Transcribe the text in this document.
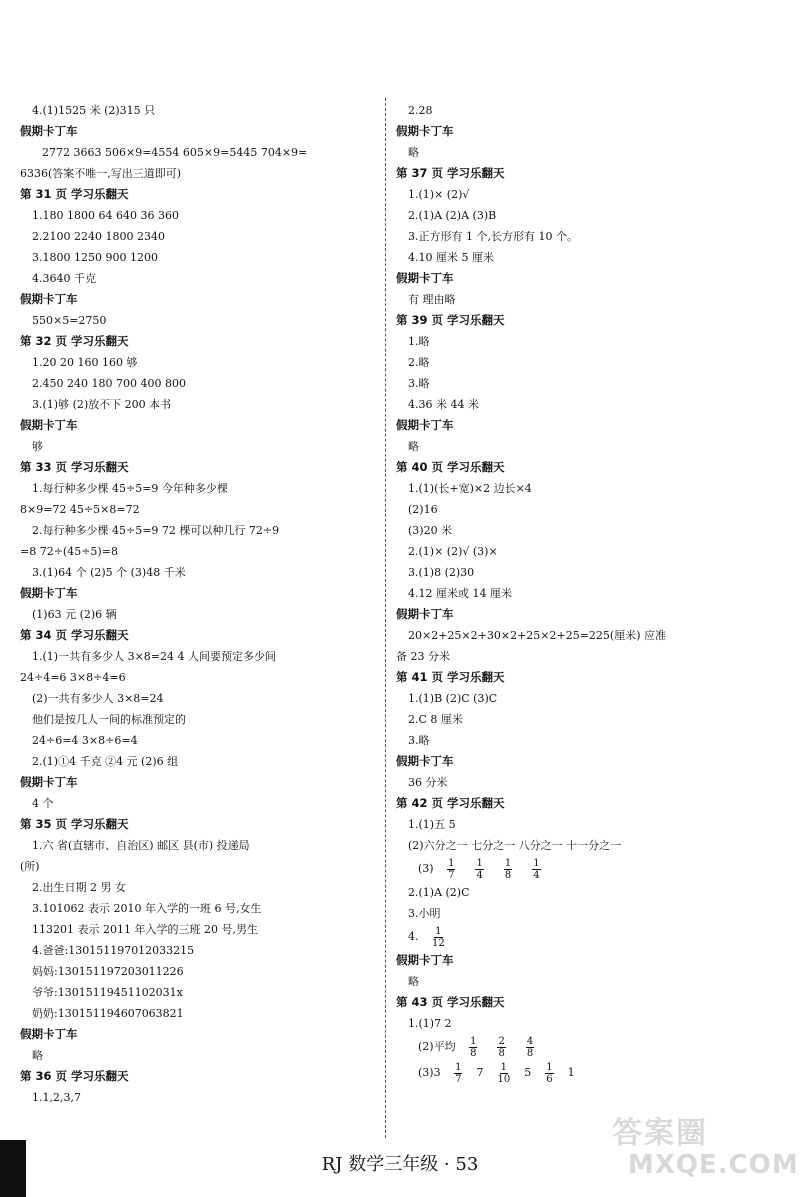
4.(1)1525 米 (2)315 只
假期卡丁车
2772 3663 506×9=4554 605×9=5445 704×9=
6336(答案不唯一,写出三道即可)
第 31 页 学习乐翻天
1.180 1800 64 640 36 360
2.2100 2240 1800 2340
3.1800 1250 900 1200
4.3640 千克
假期卡丁车
550×5=2750
第 32 页 学习乐翻天
1.20 20 160 160 够
2.450 240 180 700 400 800
3.(1)够 (2)放不下 200 本书
假期卡丁车
够
第 33 页 学习乐翻天
1.每行种多少棵 45÷5=9 今年种多少棵
8×9=72 45÷5×8=72
2.每行种多少棵 45÷5=9 72 棵可以种几行 72÷9
=8 72÷(45÷5)=8
3.(1)64 个 (2)5 个 (3)48 千米
假期卡丁车
(1)63 元 (2)6 辆
第 34 页 学习乐翻天
1.(1)一共有多少人 3×8=24 4 人间要预定多少间
24÷4=6 3×8÷4=6
(2)一共有多少人 3×8=24
他们是按几人一间的标准预定的
24÷6=4 3×8÷6=4
2.(1)①4 千克 ②4 元 (2)6 组
假期卡丁车
4 个
第 35 页 学习乐翻天
1.六 省(直辖市、自治区) 邮区 县(市) 投递局
(所)
2.出生日期 2 男 女
3.101062 表示 2010 年入学的一班 6 号,女生
113201 表示 2011 年入学的三班 20 号,男生
4.爸爸:130151197012033215
妈妈:130151197203011226
爷爷:13015119451102031x
奶奶:130151194607063821
假期卡丁车
略
第 36 页 学习乐翻天
1.1,2,3,7
2.28
假期卡丁车
略
第 37 页 学习乐翻天
1.(1)× (2)√
2.(1)A (2)A (3)B
3.正方形有 1 个,长方形有 10 个。
4.10 厘米 5 厘米
假期卡丁车
有 理由略
第 39 页 学习乐翻天
1.略
2.略
3.略
4.36 米 44 米
假期卡丁车
略
第 40 页 学习乐翻天
1.(1)(长+宽)×2 边长×4
(2)16
(3)20 米
2.(1)× (2)√ (3)×
3.(1)8 (2)30
4.12 厘米或 14 厘米
假期卡丁车
20×2+25×2+30×2+25×2+25=225(厘米) 应准
备 23 分米
第 41 页 学习乐翻天
1.(1)B (2)C (3)C
2.C 8 厘米
3.略
假期卡丁车
36 分米
第 42 页 学习乐翻天
1.(1)五 5
(2)六分之一 七分之一 八分之一 十一分之一
$(3) \frac{1}{7} \frac{1}{4} \frac{1}{8} \frac{1}{4}$
2.(1)A (2)C
3.小明
4. $\frac{1}{12}$
假期卡丁车
略
第 43 页 学习乐翻天
1.(1)7 2
(2)平均 $\frac{1}{8} \frac{2}{8} \frac{4}{8}$
$(3)3 \frac{1}{7} 7 \frac{1}{10} 5 \frac{1}{6} 1$
RJ 数学三年级 · 53
答案圈
MXQE.COM
